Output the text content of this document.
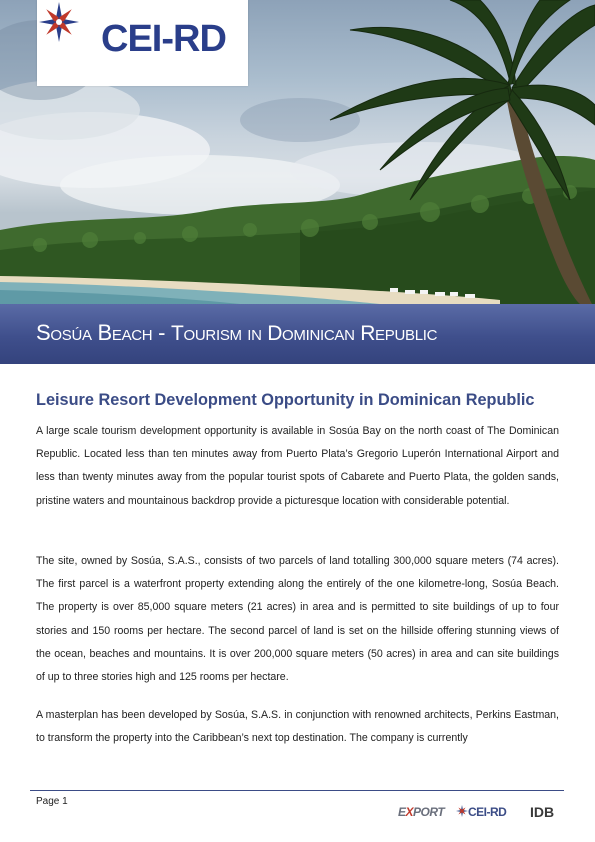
CEI-RD
Sosúa Beach - Tourism in Dominican Republic
Leisure Resort Development Opportunity in Dominican Republic

A large scale tourism development opportunity is available in Sosúa Bay on the north coast of The Dominican Republic. Located less than ten minutes away from Puerto Plata’s Gregorio Luperón International Airport and less than twenty minutes away from the popular tourist spots of Cabarete and Puerto Plata, the golden sands, pristine waters and mountainous backdrop provide a picturesque location with considerable potential.

The site, owned by Sosúa, S.A.S., consists of two parcels of land totalling 300,000 square meters (74 acres). The first parcel is a waterfront property extending along the entirely of the one kilometre-long, Sosúa Beach. The property is over 85,000 square meters (21 acres) in area and is permitted to site buildings of up to four stories and 150 rooms per hectare. The second parcel of land is set on the hillside offering stunning views of the ocean, beaches and mountains. It is over 200,000 square meters (50 acres) in area and can site buildings of up to three stories high and 125 rooms per hectare.

A masterplan has been developed by Sosúa, S.A.S. in conjunction with renowned architects, Perkins Eastman, to transform the property into the Caribbean’s next top destination. The company is currently

Page 1
EXPORT CEI-RD IDB
